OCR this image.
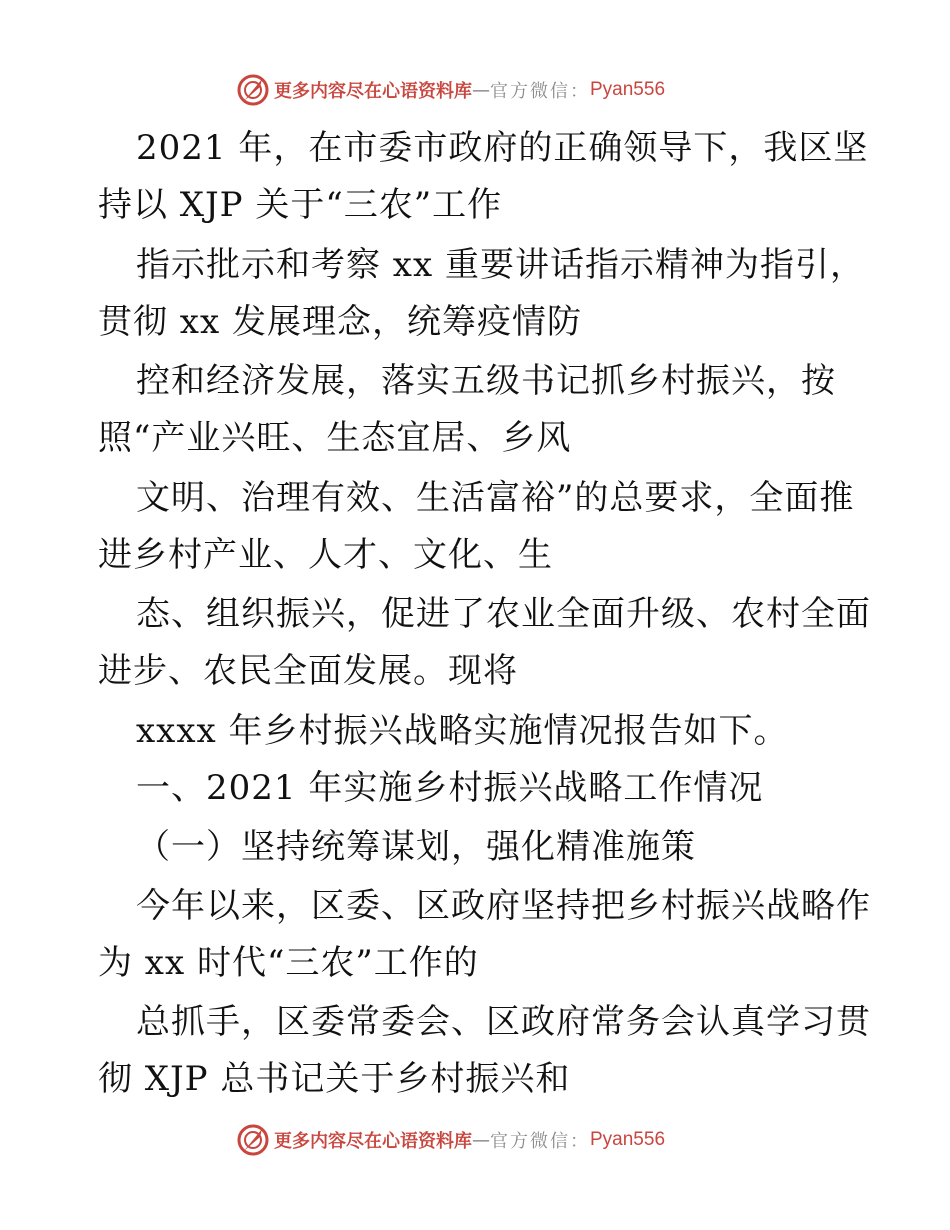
更多内容尽在心语资料库 — 官方微信： Pyan556
2021 年，在市委市政府的正确领导下，我区坚
持以 XJP 关于“三农”工作
指示批示和考察 xx 重要讲话指示精神为指引，
贯彻 xx 发展理念，统筹疫情防
控和经济发展，落实五级书记抓乡村振兴，按
照“产业兴旺、生态宜居、乡风
文明、治理有效、生活富裕”的总要求，全面推
进乡村产业、人才、文化、生
态、组织振兴，促进了农业全面升级、农村全面
进步、农民全面发展。现将
xxxx 年乡村振兴战略实施情况报告如下。
一、2021 年实施乡村振兴战略工作情况
（一）坚持统筹谋划，强化精准施策
今年以来，区委、区政府坚持把乡村振兴战略作
为 xx 时代“三农”工作的
总抓手，区委常委会、区政府常务会认真学习贯
彻 XJP 总书记关于乡村振兴和
更多内容尽在心语资料库 — 官方微信： Pyan556
